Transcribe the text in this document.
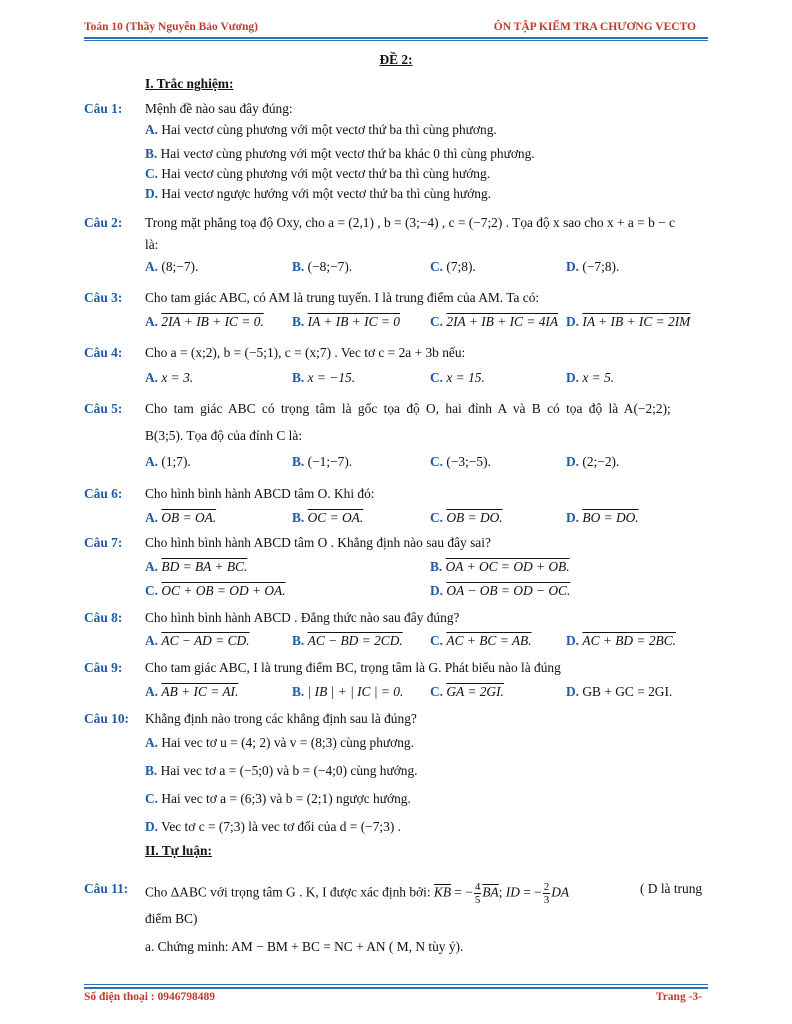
Toán 10 (Thầy Nguyễn Bảo Vương)	ÔN TẬP KIỂM TRA CHƯƠNG VECTO
ĐỀ 2:
I. Trắc nghiệm:
Câu 1: Mệnh đề nào sau đây đúng:
A. Hai vectơ cùng phương với một vectơ thứ ba thì cùng phương.
B. Hai vectơ cùng phương với một vectơ thứ ba khác 0 thì cùng phương.
C. Hai vectơ cùng phương với một vectơ thứ ba thì cùng hướng.
D. Hai vectơ ngược hướng với một vectơ thứ ba thì cùng hướng.
Câu 2: Trong mặt phẳng toạ độ Oxy, cho a = (2,1) , b = (3;−4) , c = (−7;2) . Tọa độ x sao cho x + a = b − c
là:
A. (8;−7).	B. (−8;−7).	C. (7;8).	D. (−7;8).
Câu 3: Cho tam giác ABC, có AM là trung tuyến. I là trung điểm của AM. Ta có:
A. 2IA + IB + IC = 0. B. IA + IB + IC = 0 C. 2IA + IB + IC = 4IA D. IA + IB + IC = 2IM
Câu 4: Cho a = (x;2), b = (−5;1), c = (x;7) . Vec tơ c = 2a + 3b nếu:
A. x = 3.	B. x = −15.	C. x = 15.	D. x = 5.
Câu 5: Cho tam giác ABC có trọng tâm là gốc tọa độ O, hai đỉnh A và B có tọa độ là A(−2;2);
B(3;5). Tọa độ của đỉnh C là:
A. (1;7).	B. (−1;−7).	C. (−3;−5).	D. (2;−2).
Câu 6: Cho hình bình hành ABCD tâm O. Khi đó:
A. OB = OA.	B. OC = OA.	C. OB = DO.	D. BO = DO.
Câu 7: Cho hình bình hành ABCD tâm O . Khẳng định nào sau đây sai?
A. BD = BA + BC.	B. OA + OC = OD + OB.
C. OC + OB = OD + OA.	D. OA − OB = OD − OC.
Câu 8: Cho hình bình hành ABCD . Đẳng thức nào sau đây đúng?
A. AC − AD = CD.	B. AC − BD = 2CD. C. AC + BC = AB.	D. AC + BD = 2BC.
Câu 9: Cho tam giác ABC, I là trung điểm BC, trọng tâm là G. Phát biểu nào là đúng
A. AB + IC = AI.	B. | IB | + | IC | = 0. C. GA = 2GI.	D. GB + GC = 2GI.
Câu 10: Khẳng định nào trong các khẳng định sau là đúng?
A. Hai vec tơ u = (4; 2) và v = (8;3) cùng phương.
B. Hai vec tơ a = (−5;0) và b = (−4;0) cùng hướng.
C. Hai vec tơ a = (6;3) và b = (2;1) ngược hướng.
D. Vec tơ c = (7;3) là vec tơ đối của d = (−7;3) .
II. Tự luận:
Câu 11: Cho ΔABC với trọng tâm G . K, I được xác định bởi: $\overline{KB}$ = − $\frac{4}{5} \overline{BA}$; ID = − $\frac{2}{3}$ DA	( D là trung
điểm BC)
a. Chứng minh: AM − BM + BC = NC + AN ( M, N tùy ý).
Số điện thoại : 0946798489	Trang -3-
